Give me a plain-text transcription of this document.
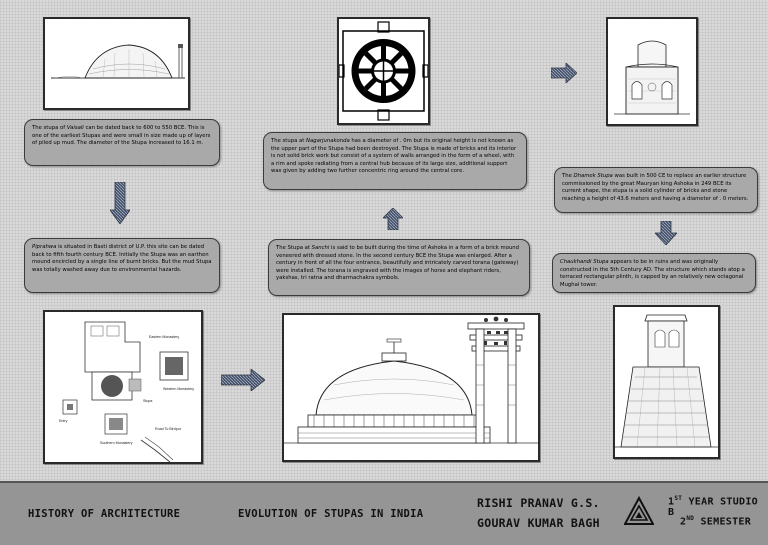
The stupa of Vaisali can be dated back to 600 to 550 BCE. This is one of the earliest Stupas and were small in size made up of layers of piled up mud. The diameter of the Stupa increased to 16.1 m.	The stupa at Nagarjunakonda has a diameter of . 0m but its original height is not known as the upper part of the Stupa had been destroyed. The Stupa is made of bricks and its interior is not solid brick work but consist of a system of walls arranged in the form of a wheel, with a rim and spoke radiating from a central hub because of its large size, additional support was given by adding two further concentric ring around the central core.
The Dhamek Stupa was built in 500 CE to replace an earlier structure commissioned by the great Mauryan king Ashoka in 249 BCE its current shape, the stupa is a solid cylinder of bricks and stone reaching a height of 43.6 meters and having a diameter of . 0 meters.
Piprahwa is situated in Basti district of U.P. this site can be dated back to fifth fourth century BCE. Initially the Stupa was an earthen mound encircled by a single line of burnt bricks. But the mud Stupa was totally washed away due to environmental hazards.
The Stupa at Sanchi is said to be built during the time of Ashoka in a form of a brick mound veneered with dressed stone. In the second century BCE the Stupa was enlarged. After a century in front of all the four entrance, beautifully and intricately carved torana (gateway) were installed. The torana is engraved with the images of horse and elephant riders, yakshas, tri ratna and dharmachakra symbols.
Chaukhandi Stupa appears to be in ruins and was originally constructed in the 5th Century AD. The structure which stands atop a terraced rectangular plinth, is capped by an relatively new octagonal Mughal tower.
Eastern Monastery
Western Monastery
Stupa
Road To Birdpur
Southern Monastery
Entry
HISTORY OF ARCHITECTURE	EVOLUTION OF STUPAS IN INDIA
RISHI PRANAV G.S.
GOURAV KUMAR BAGH
1ST YEAR STUDIO B
2ND SEMESTER
